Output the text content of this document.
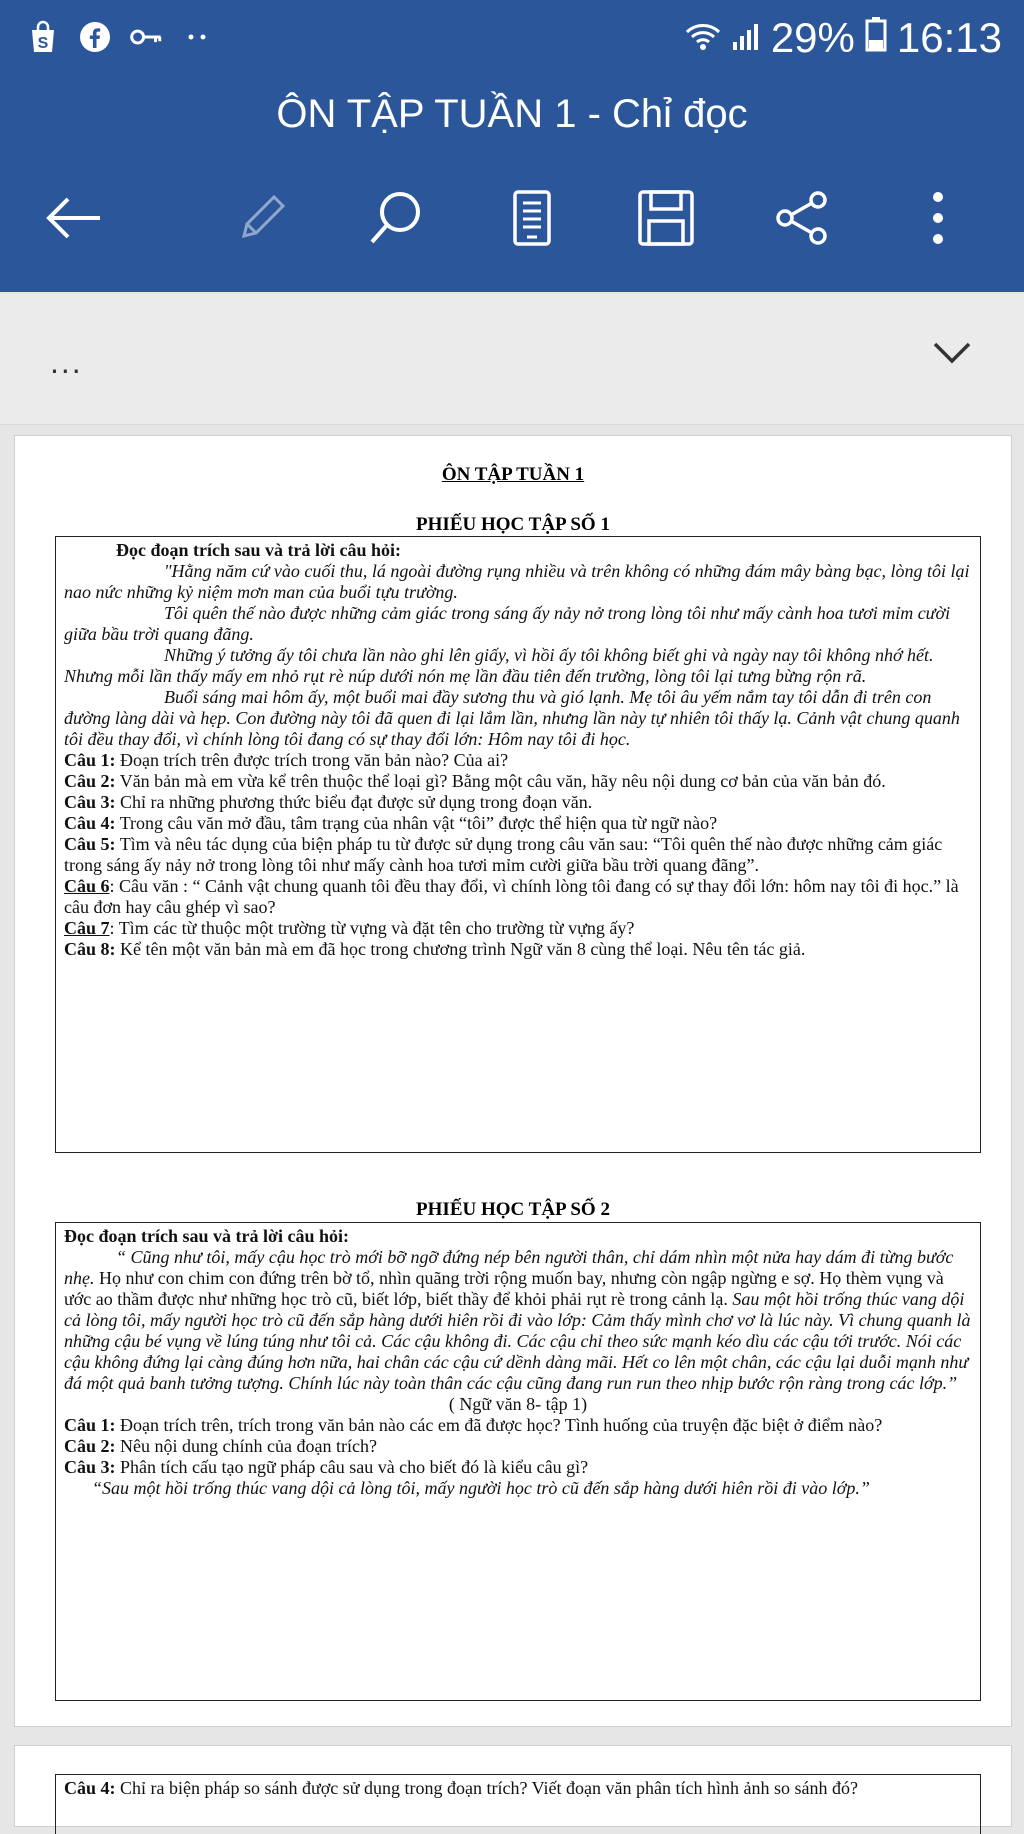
S	29% 16:13
ÔN TẬP TUẦN 1 - Chỉ đọc
...
ÔN TẬP TUẦN 1
PHIẾU HỌC TẬP SỐ 1

Đọc đoạn trích sau và trả lời câu hỏi:

"Hằng năm cứ vào cuối thu, lá ngoài đường rụng nhiều và trên không có những đám mây bàng bạc, lòng tôi lại nao nức những kỷ niệm mơn man của buổi tựu trường.

Tôi quên thế nào được những cảm giác trong sáng ấy nảy nở trong lòng tôi như mấy cành hoa tươi mỉm cười giữa bầu trời quang đãng.

Những ý tưởng ấy tôi chưa lần nào ghi lên giấy, vì hồi ấy tôi không biết ghi và ngày nay tôi không nhớ hết. Nhưng mỗi lần thấy mấy em nhỏ rụt rè núp dưới nón mẹ lần đầu tiên đến trường, lòng tôi lại tưng bừng rộn rã.

Buổi sáng mai hôm ấy, một buổi mai đầy sương thu và gió lạnh. Mẹ tôi âu yếm nắm tay tôi dẫn đi trên con đường làng dài và hẹp. Con đường này tôi đã quen đi lại lắm lần, nhưng lần này tự nhiên tôi thấy lạ. Cảnh vật chung quanh tôi đều thay đổi, vì chính lòng tôi đang có sự thay đổi lớn: Hôm nay tôi đi học.

Câu 1: Đoạn trích trên được trích trong văn bản nào? Của ai?

Câu 2: Văn bản mà em vừa kể trên thuộc thể loại gì? Bằng một câu văn, hãy nêu nội dung cơ bản của văn bản đó.

Câu 3: Chỉ ra những phương thức biểu đạt được sử dụng trong đoạn văn.

Câu 4: Trong câu văn mở đầu, tâm trạng của nhân vật “tôi” được thể hiện qua từ ngữ nào?

Câu 5: Tìm và nêu tác dụng của biện pháp tu từ được sử dụng trong câu văn sau: “Tôi quên thế nào được những cảm giác trong sáng ấy nảy nở trong lòng tôi như mấy cành hoa tươi mỉm cười giữa bầu trời quang đãng”.

Câu 6: Câu văn : “ Cảnh vật chung quanh tôi đều thay đổi, vì chính lòng tôi đang có sự thay đổi lớn: hôm nay tôi đi học.” là câu đơn hay câu ghép vì sao?

Câu 7: Tìm các từ thuộc một trường từ vựng và đặt tên cho trường từ vựng ấy?

Câu 8: Kể tên một văn bản mà em đã học trong chương trình Ngữ văn 8 cùng thể loại. Nêu tên tác giả.

PHIẾU HỌC TẬP SỐ 2

Đọc đoạn trích sau và trả lời câu hỏi:

“ Cũng như tôi, mấy cậu học trò mới bỡ ngỡ đứng nép bên người thân, chỉ dám nhìn một nửa hay dám đi từng bước nhẹ. Họ như con chim con đứng trên bờ tổ, nhìn quãng trời rộng muốn bay, nhưng còn ngập ngừng e sợ. Họ thèm vụng và ước ao thầm được như những học trò cũ, biết lớp, biết thầy để khỏi phải rụt rè trong cảnh lạ. Sau một hồi trống thúc vang dội cả lòng tôi, mấy người học trò cũ đến sắp hàng dưới hiên rồi đi vào lớp: Cảm thấy mình chơ vơ là lúc này. Vì chung quanh là những cậu bé vụng về lúng túng như tôi cả. Các cậu không đi. Các cậu chỉ theo sức mạnh kéo dìu các cậu tới trước. Nói các cậu không đứng lại càng đúng hơn nữa, hai chân các cậu cứ dềnh dàng mãi. Hết co lên một chân, các cậu lại duỗi mạnh như đá một quả banh tưởng tượng. Chính lúc này toàn thân các cậu cũng đang run run theo nhịp bước rộn ràng trong các lớp.”

( Ngữ văn 8- tập 1)

Câu 1: Đoạn trích trên, trích trong văn bản nào các em đã được học? Tình huống của truyện đặc biệt ở điểm nào?

Câu 2: Nêu nội dung chính của đoạn trích?

Câu 3: Phân tích cấu tạo ngữ pháp câu sau và cho biết đó là kiểu câu gì?

“Sau một hồi trống thúc vang dội cả lòng tôi, mấy người học trò cũ đến sắp hàng dưới hiên rồi đi vào lớp.”

Câu 4: Chỉ ra biện pháp so sánh được sử dụng trong đoạn trích? Viết đoạn văn phân tích hình ảnh so sánh đó?
